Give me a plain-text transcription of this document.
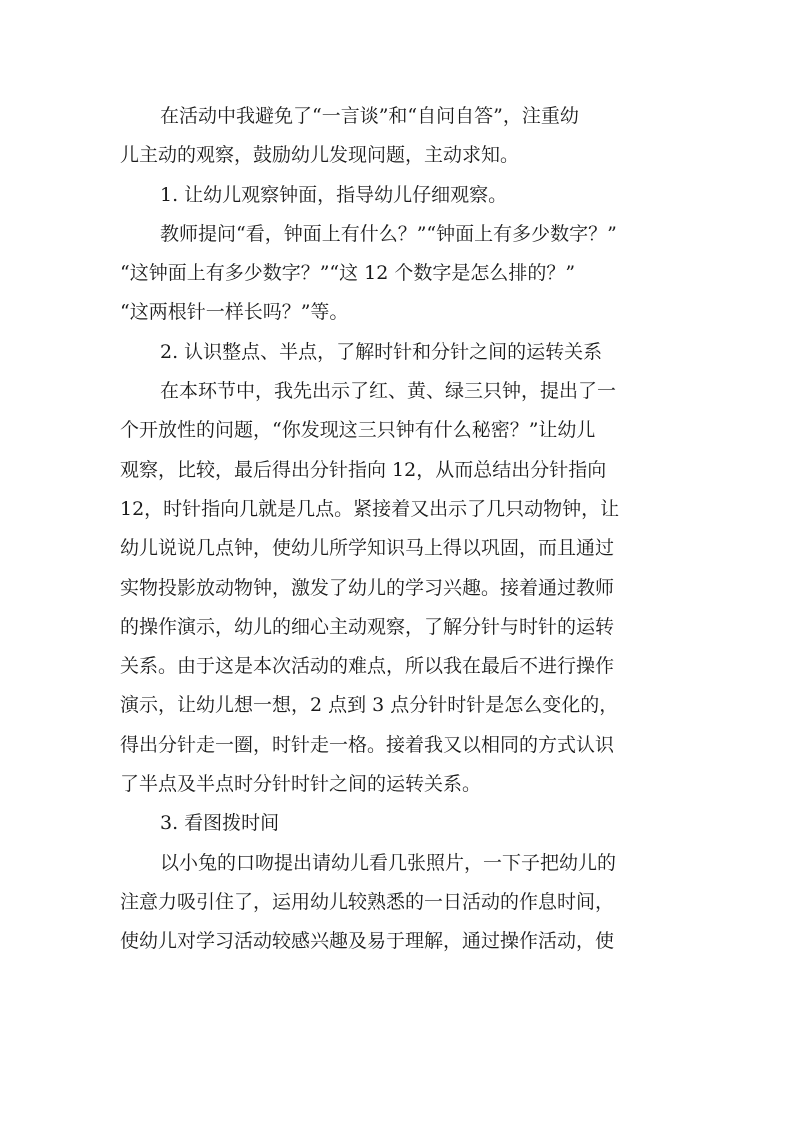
在活动中我避免了“一言谈”和“自问自答”，注重幼
儿主动的观察，鼓励幼儿发现问题，主动求知。
1. 让幼儿观察钟面，指导幼儿仔细观察。
教师提问“看，钟面上有什么？”“钟面上有多少数字？”
“这钟面上有多少数字？”“这 12 个数字是怎么排的？”
“这两根针一样长吗？”等。
2. 认识整点、半点，了解时针和分针之间的运转关系
在本环节中，我先出示了红、黄、绿三只钟，提出了一
个开放性的问题，“你发现这三只钟有什么秘密？”让幼儿
观察，比较，最后得出分针指向 12，从而总结出分针指向
12，时针指向几就是几点。紧接着又出示了几只动物钟，让
幼儿说说几点钟，使幼儿所学知识马上得以巩固，而且通过
实物投影放动物钟，激发了幼儿的学习兴趣。接着通过教师
的操作演示，幼儿的细心主动观察，了解分针与时针的运转
关系。由于这是本次活动的难点，所以我在最后不进行操作
演示，让幼儿想一想，2 点到 3 点分针时针是怎么变化的，
得出分针走一圈，时针走一格。接着我又以相同的方式认识
了半点及半点时分针时针之间的运转关系。
3. 看图拨时间
以小兔的口吻提出请幼儿看几张照片，一下子把幼儿的
注意力吸引住了，运用幼儿较熟悉的一日活动的作息时间，
使幼儿对学习活动较感兴趣及易于理解，通过操作活动，使
